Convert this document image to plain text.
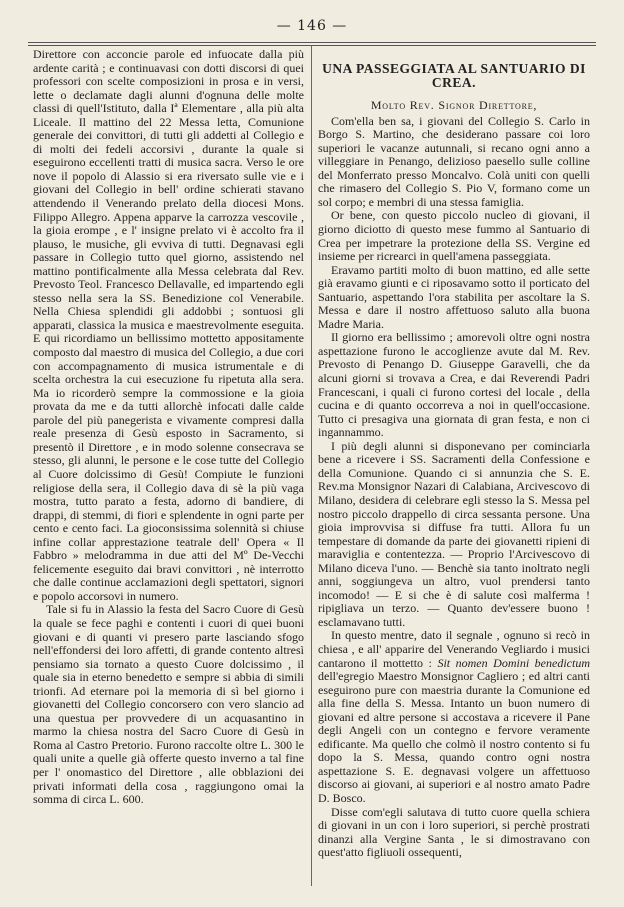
— 146 —

Direttore con acconcie parole ed infuocate dalla più ardente carità ; e continuavasi con dotti discorsi di quei professori con scelte composizioni in prosa e in versi, lette o declamate dagli alunni d'ognuna delle molte classi di quell'Istituto, dalla Iª Elementare , alla più alta Liceale. Il mattino del 22 Messa letta, Comunione generale dei convittori, di tutti gli addetti al Collegio e di molti dei fedeli accorsivi , durante la quale si eseguirono eccellenti tratti di musica sacra. Verso le ore nove il popolo di Alassio si era riversato sulle vie e i giovani del Collegio in bell' ordine schierati stavano attendendo il Venerando prelato della diocesi Mons. Filippo Allegro. Appena apparve la carrozza vescovile , la gioia erompe , e l' insigne prelato vi è accolto fra il plauso, le musiche, gli evviva di tutti. Degnavasi egli passare in Collegio tutto quel giorno, assistendo nel mattino pontificalmente alla Messa celebrata dal Rev. Prevosto Teol. Francesco Dellavalle, ed impartendo egli stesso nella sera la SS. Benedizione col Venerabile. Nella Chiesa splendidi gli addobbi ; sontuosi gli apparati, classica la musica e maestrevolmente eseguita. E qui ricordiamo un bellissimo mottetto appositamente composto dal maestro di musica del Collegio, a due cori con accompagnamento di musica istrumentale e di scelta orchestra la cui esecuzione fu ripetuta alla sera. Ma io ricorderò sempre la commossione e la gioia provata da me e da tutti allorchè infocati dalle calde parole del più panegerista e vivamente compresi dalla reale presenza di Gesù esposto in Sacramento, si presentò il Direttore , e in modo solenne consecrava se stesso, gli alunni, le persone e le cose tutte del Collegio al Cuore dolcissimo di Gesù! Compiute le funzioni religiose della sera, il Collegio dava di sè la più vaga mostra, tutto parato a festa, adorno di bandiere, di drappi, di stemmi, di fiori e splendente in ogni parte per cento e cento faci. La gioconsissima solennità si chiuse infine collar apprestazione teatrale dell' Opera « Il Fabbro » melodramma in due atti del Mº De-Vecchi felicemente eseguito dai bravi convittori , nè interrotto che dalle continue acclamazioni degli spettatori, signori e popolo accorsovi in numero.

Tale si fu in Alassio la festa del Sacro Cuore di Gesù la quale se fece paghi e contenti i cuori di quei buoni giovani e di quanti vi presero parte lasciando sfogo nell'effondersi dei loro affetti, di grande contento altresì pensiamo sia tornato a questo Cuore dolcissimo , il quale sia in eterno benedetto e sempre si abbia di simili trionfi. Ad eternare poi la memoria di sì bel giorno i giovanetti del Collegio concorsero con vero slancio ad una questua per provvedere di un acquasantino in marmo la chiesa nostra del Sacro Cuore di Gesù in Roma al Castro Pretorio. Furono raccolte oltre L. 300 le quali unite a quelle già offerte questo inverno a tal fine per l' onomastico del Direttore , alle obblazioni dei privati informati della cosa , raggiungono omai la somma di circa L. 600.

UNA PASSEGGIATA AL SANTUARIO DI CREA.
Molto Rev. Signor Direttore,

Com'ella ben sa, i giovani del Collegio S. Carlo in Borgo S. Martino, che desiderano passare coi loro superiori le vacanze autunnali, si recano ogni anno a villeggiare in Penango, delizioso paesello sulle colline del Monferrato presso Moncalvo. Colà uniti con quelli che rimasero del Collegio S. Pio V, formano come un sol corpo; e membri di una stessa famiglia.

Or bene, con questo piccolo nucleo di giovani, il giorno diciotto di questo mese fummo al Santuario di Crea per impetrare la protezione della SS. Vergine ed insieme per ricrearci in quell'amena passeggiata.

Eravamo partiti molto di buon mattino, ed alle sette già eravamo giunti e ci riposavamo sotto il porticato del Santuario, aspettando l'ora stabilita per ascoltare la S. Messa e dare il nostro affettuoso saluto alla buona Madre Maria.

Il giorno era bellissimo ; amorevoli oltre ogni nostra aspettazione furono le accoglienze avute dal M. Rev. Prevosto di Penango D. Giuseppe Garavelli, che da alcuni giorni si trovava a Crea, e dai Reverendi Padri Francescani, i quali ci furono cortesi del locale , della cucina e di quanto occorreva a noi in quell'occasione. Tutto ci presagiva una giornata di gran festa, e non ci ingannammo.

I più degli alunni si disponevano per cominciarla bene a ricevere i SS. Sacramenti della Confessione e della Comunione. Quando ci si annunzia che S. E. Rev.ma Monsignor Nazari di Calabiana, Arcivescovo di Milano, desidera di celebrare egli stesso la S. Messa pel nostro piccolo drappello di circa sessanta persone. Una gioia improvvisa si diffuse fra tutti. Allora fu un tempestare di domande da parte dei giovanetti ripieni di maraviglia e contentezza. — Proprio l'Arcivescovo di Milano diceva l'uno. — Benchè sia tanto inoltrato negli anni, soggiungeva un altro, vuol prendersi tanto incomodo! — E si che è di salute così malferma ! ripigliava un terzo. — Quanto dev'essere buono ! esclamavano tutti.

In questo mentre, dato il segnale , ognuno si recò in chiesa , e all' apparire del Venerando Vegliardo i musici cantarono il mottetto : Sit nomen Domini benedictum dell'egregio Maestro Monsignor Cagliero ; ed altri canti eseguirono pure con maestria durante la Comunione ed alla fine della S. Messa. Intanto un buon numero di giovani ed altre persone si accostava a ricevere il Pane degli Angeli con un contegno e fervore veramente edificante. Ma quello che colmò il nostro contento si fu dopo la S. Messa, quando contro ogni nostra aspettazione S. E. degnavasi volgere un affettuoso discorso ai giovani, ai superiori e al nostro amato Padre D. Bosco.

Disse com'egli salutava di tutto cuore quella schiera di giovani in un con i loro superiori, si perchè prostrati dinanzi alla Vergine Santa , le si dimostravano con quest'atto figliuoli ossequenti,
